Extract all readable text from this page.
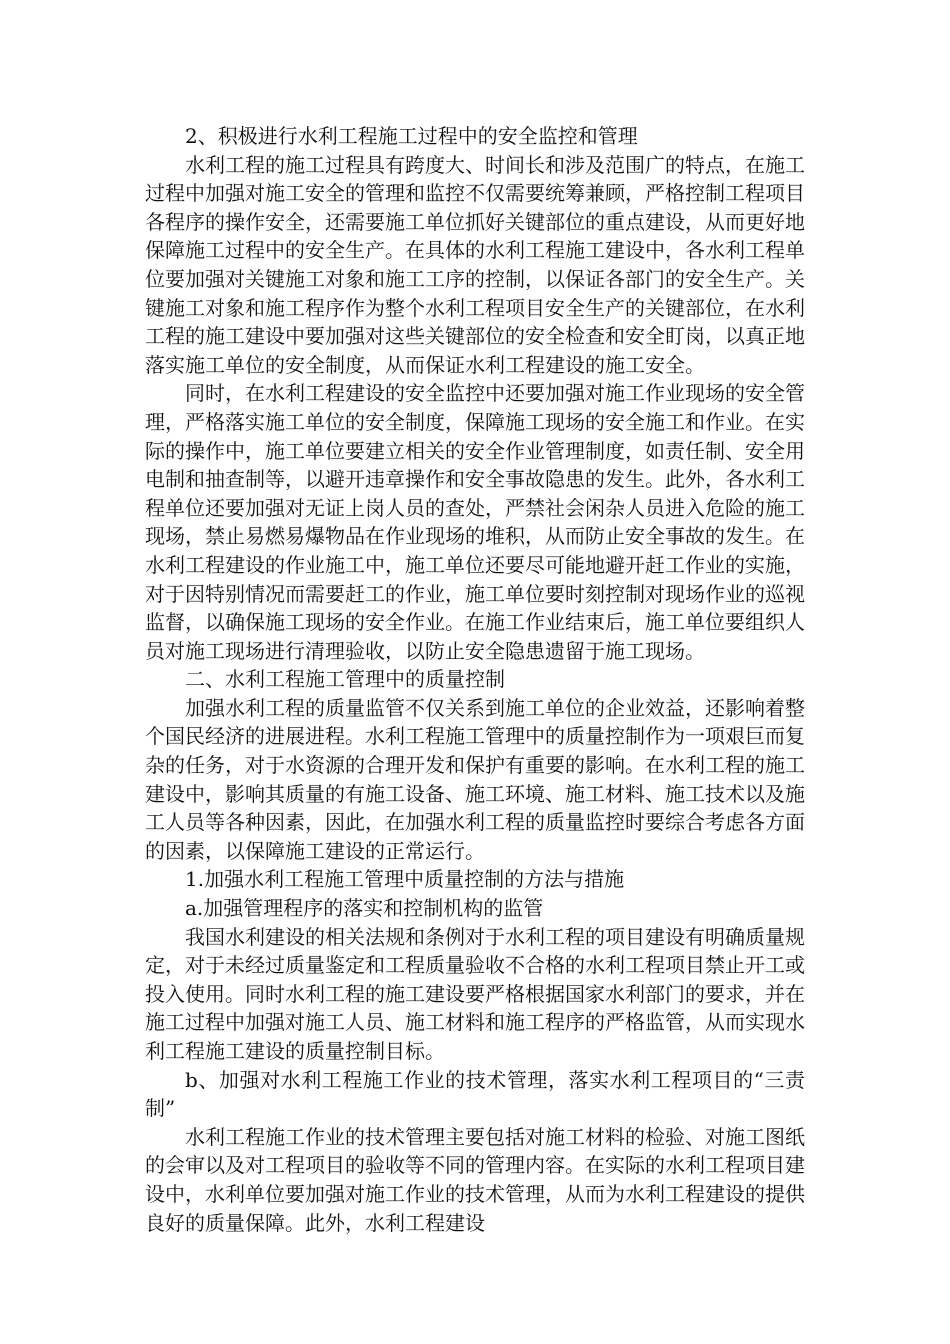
2、积极进行水利工程施工过程中的安全监控和管理

水利工程的施工过程具有跨度大、时间长和涉及范围广的特点，在施工过程中加强对施工安全的管理和监控不仅需要统筹兼顾，严格控制工程项目各程序的操作安全，还需要施工单位抓好关键部位的重点建设，从而更好地保障施工过程中的安全生产。在具体的水利工程施工建设中，各水利工程单位要加强对关键施工对象和施工工序的控制，以保证各部门的安全生产。关键施工对象和施工程序作为整个水利工程项目安全生产的关键部位，在水利工程的施工建设中要加强对这些关键部位的安全检查和安全盯岗，以真正地落实施工单位的安全制度，从而保证水利工程建设的施工安全。

同时，在水利工程建设的安全监控中还要加强对施工作业现场的安全管理，严格落实施工单位的安全制度，保障施工现场的安全施工和作业。在实际的操作中，施工单位要建立相关的安全作业管理制度，如责任制、安全用电制和抽查制等，以避开违章操作和安全事故隐患的发生。此外，各水利工程单位还要加强对无证上岗人员的查处，严禁社会闲杂人员进入危险的施工现场，禁止易燃易爆物品在作业现场的堆积，从而防止安全事故的发生。在水利工程建设的作业施工中，施工单位还要尽可能地避开赶工作业的实施，对于因特别情况而需要赶工的作业，施工单位要时刻控制对现场作业的巡视监督，以确保施工现场的安全作业。在施工作业结束后，施工单位要组织人员对施工现场进行清理验收，以防止安全隐患遗留于施工现场。

二、水利工程施工管理中的质量控制

加强水利工程的质量监管不仅关系到施工单位的企业效益，还影响着整个国民经济的进展进程。水利工程施工管理中的质量控制作为一项艰巨而复杂的任务，对于水资源的合理开发和保护有重要的影响。在水利工程的施工建设中，影响其质量的有施工设备、施工环境、施工材料、施工技术以及施工人员等各种因素，因此，在加强水利工程的质量监控时要综合考虑各方面的因素，以保障施工建设的正常运行。

1.加强水利工程施工管理中质量控制的方法与措施

a.加强管理程序的落实和控制机构的监管

我国水利建设的相关法规和条例对于水利工程的项目建设有明确质量规定，对于未经过质量鉴定和工程质量验收不合格的水利工程项目禁止开工或投入使用。同时水利工程的施工建设要严格根据国家水利部门的要求，并在施工过程中加强对施工人员、施工材料和施工程序的严格监管，从而实现水利工程施工建设的质量控制目标。

b、加强对水利工程施工作业的技术管理，落实水利工程项目的“三责制”

水利工程施工作业的技术管理主要包括对施工材料的检验、对施工图纸的会审以及对工程项目的验收等不同的管理内容。在实际的水利工程项目建设中，水利单位要加强对施工作业的技术管理，从而为水利工程建设的提供良好的质量保障。此外，水利工程建设
